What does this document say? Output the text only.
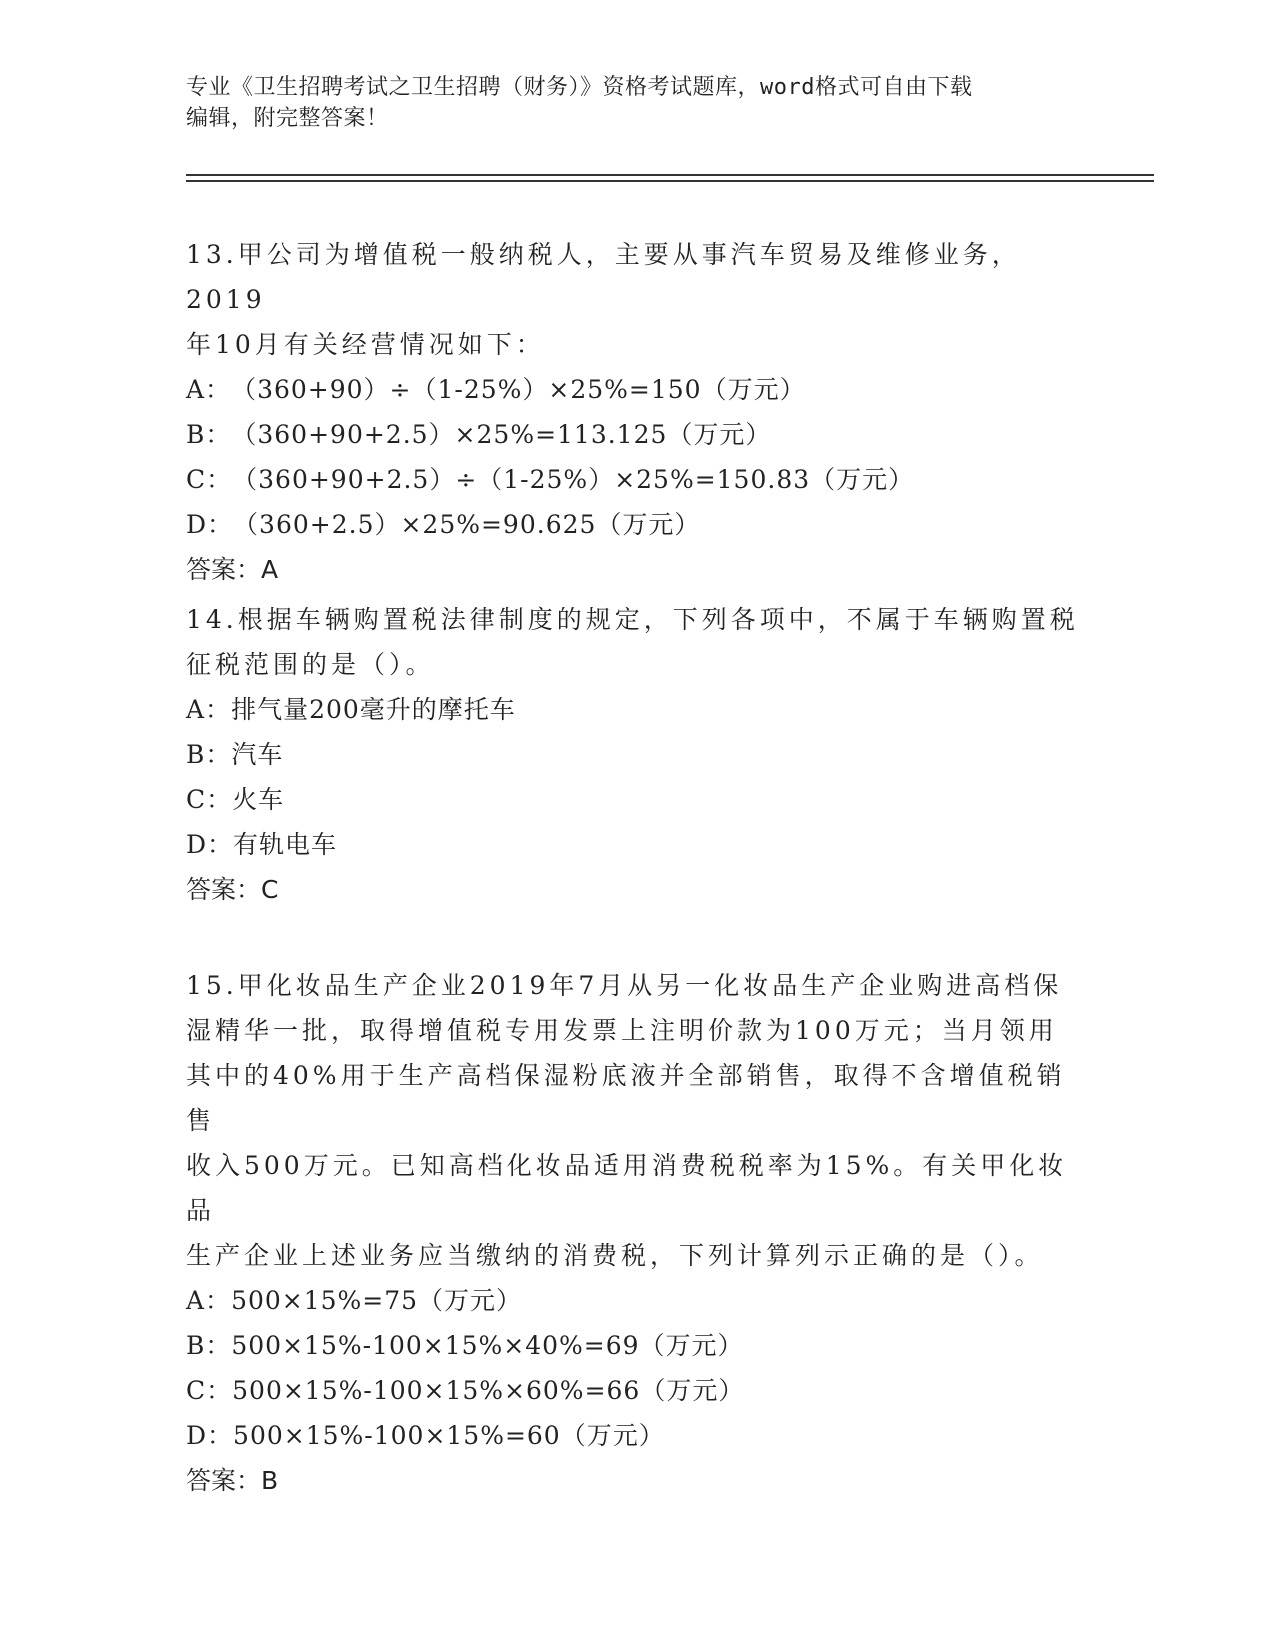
专业《卫生招聘考试之卫生招聘（财务）》资格考试题库，word格式可自由下载
编辑，附完整答案！

13.甲公司为增值税一般纳税人，主要从事汽车贸易及维修业务，2019

年10月有关经营情况如下：

A：（360+90）÷（1-25%）×25%=150（万元）

B：（360+90+2.5）×25%=113.125（万元）

C：（360+90+2.5）÷（1-25%）×25%=150.83（万元）

D：（360+2.5）×25%=90.625（万元）

答案：A

14.根据车辆购置税法律制度的规定，下列各项中，不属于车辆购置税

征税范围的是（）。

A：排气量200毫升的摩托车

B：汽车

C：火车

D：有轨电车

答案：C

15.甲化妆品生产企业2019年7月从另一化妆品生产企业购进高档保

湿精华一批，取得增值税专用发票上注明价款为100万元；当月领用

其中的40%用于生产高档保湿粉底液并全部销售，取得不含增值税销售

收入500万元。已知高档化妆品适用消费税税率为15%。有关甲化妆品

生产企业上述业务应当缴纳的消费税，下列计算列示正确的是（）。

A：500×15%=75（万元）

B：500×15%-100×15%×40%=69（万元）

C：500×15%-100×15%×60%=66（万元）

D：500×15%-100×15%=60（万元）

答案：B
